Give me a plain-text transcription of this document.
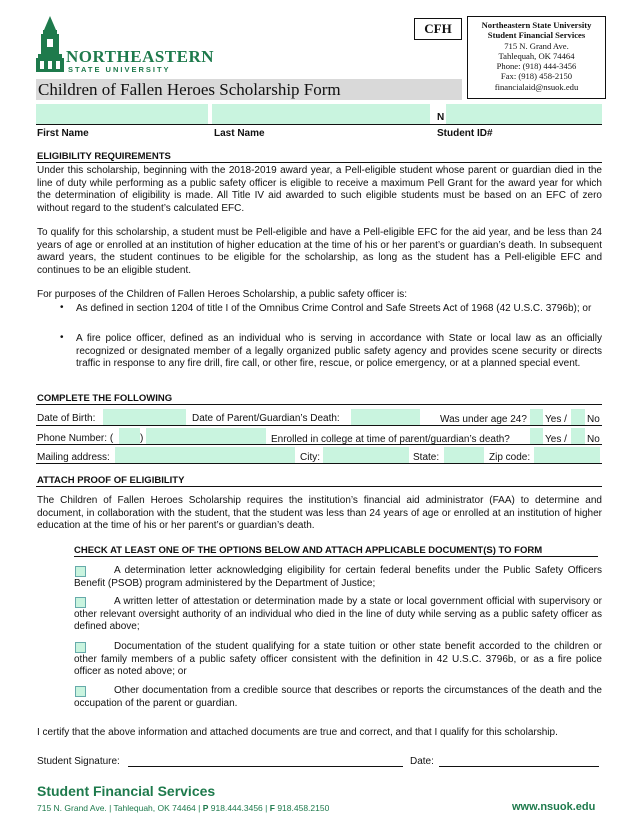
NORTHEASTERN
STATE UNIVERSITY
Children of Fallen Heroes Scholarship Form
CFH	Northeastern State University
Student Financial Services
715 N. Grand Ave.
Tahlequah, OK 74464
Phone: (918) 444-3456
Fax: (918) 458-2150
financialaid@nsuok.edu
N
First Name	Last Name	Student ID#
ELIGIBILITY REQUIREMENTS

Under this scholarship, beginning with the 2018-2019 award year, a Pell-eligible student whose parent or guardian died in the line of duty while performing as a public safety officer is eligible to receive a maximum Pell Grant for the award year for which the determination of eligibility is made. All Title IV aid awarded to such eligible students must be based on an EFC of zero without regard to the student’s calculated EFC.

To qualify for this scholarship, a student must be Pell-eligible and have a Pell-eligible EFC for the aid year, and be less than 24 years of age or enrolled at an institution of higher education at the time of his or her parent’s or guardian’s death. In subsequent award years, the student continues to be eligible for the scholarship, as long as the student has a Pell-eligible EFC and continues to be an eligible student.

For purposes of the Children of Fallen Heroes Scholarship, a public safety officer is:

• As defined in section 1204 of title I of the Omnibus Crime Control and Safe Streets Act of 1968 (42 U.S.C. 3796b); or

• A fire police officer, defined as an individual who is serving in accordance with State or local law as an officially recognized or designated member of a legally organized public safety agency and provides scene security or directs traffic in response to any fire drill, fire call, or other fire, rescue, or police emergency, or at a planned special event.

COMPLETE THE FOLLOWING
Date of Birth:	Date of Parent/Guardian’s Death:	Was under age 24? Yes / No
Phone Number: (	)	Enrolled in college at time of parent/guardian’s death?	Yes / No
Mailing address:	City:	State:	Zip code:
ATTACH PROOF OF ELIGIBILITY

The Children of Fallen Heroes Scholarship requires the institution’s financial aid administrator (FAA) to determine and document, in collaboration with the student, that the student was less than 24 years of age or enrolled at an institution of higher education at the time of his or her parent’s or guardian’s death.

CHECK AT LEAST ONE OF THE OPTIONS BELOW AND ATTACH APPLICABLE DOCUMENT(S) TO FORM

A determination letter acknowledging eligibility for certain federal benefits under the Public Safety Officers Benefit (PSOB) program administered by the Department of Justice;

A written letter of attestation or determination made by a state or local government official with supervisory or other relevant oversight authority of an individual who died in the line of duty while serving as a public safety officer as defined above;

Documentation of the student qualifying for a state tuition or other state benefit accorded to the children or other family members of a public safety officer consistent with the definition in 42 U.S.C. 3796b, or as a fire police officer as noted above; or

Other documentation from a credible source that describes or reports the circumstances of the death and the occupation of the parent or guardian.

I certify that the above information and attached documents are true and correct, and that I qualify for this scholarship.
Student Signature:	Date:
Student Financial Services
715 N. Grand Ave. | Tahlequah, OK 74464 | P 918.444.3456 | F 918.458.2150	www.nsuok.edu
